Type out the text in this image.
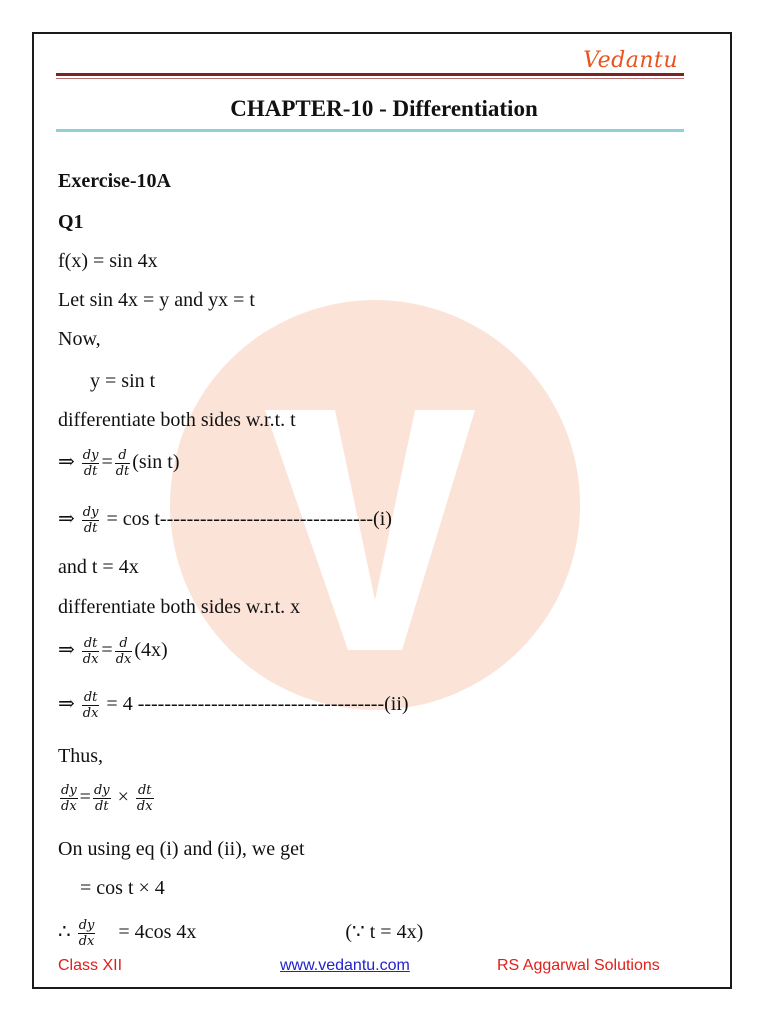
Vedantu
CHAPTER-10 - Differentiation
Exercise-10A
Q1
f(x) = sin 4x
Let sin 4x = y and yx = t
Now,
y = sin t
differentiate both sides w.r.t. t
⇒ $\frac{dy}{dt} = \frac{d}{dt} (\sin$ t)
⇒ $\frac{dy}{dt} = \cos t--------------------------------(i)$
and t = 4x
differentiate both sides w.r.t. x
⇒ $\frac{dt}{dx} = \frac{d}{dx} (4x)$
⇒ $\frac{dt}{dx} = 4$ -------------------------------------(ii)
Thus,
$\frac{dy}{dx} = \frac{dy}{dt} \times \frac{dt}{dx}$
On using eq (i) and (ii), we get
= cos t × 4
∴ $\frac{dy}{dx} = 4\cos$ 4x	(∵ t = 4x)
Class XII	www.vedantu.com	RS Aggarwal Solutions
